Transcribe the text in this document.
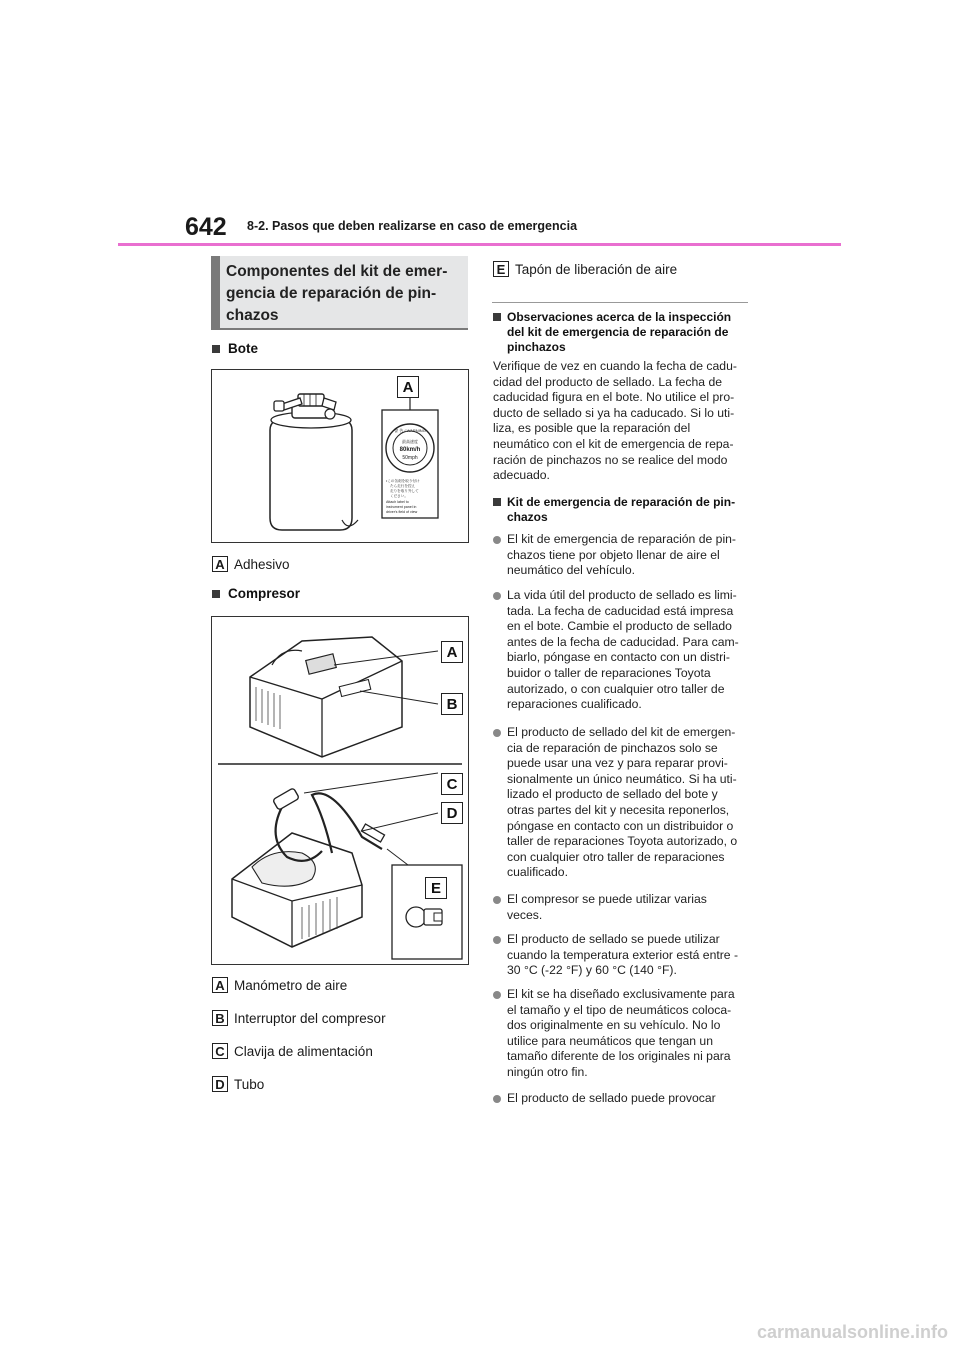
642 8-2. Pasos que deben realizarse en caso de emergencia
Componentes del kit de emer-
gencia de reparación de pin-
chazos
Bote
警 告 / WARNING
最高速度
80km/h
50mph
•この缶剤を取り付け
たら走行を控え
走りを取り外して
ください。
Attach label to
instrument panel in
driver's field of view
A
A Adhesivo
Compresor
A
B
C
D
E
A Manómetro de aire
B Interruptor del compresor
C Clavija de alimentación
D Tubo
E Tapón de liberación de aire
Observaciones acerca de la inspección
del kit de emergencia de reparación de
pinchazos
Verifique de vez en cuando la fecha de cadu-
cidad del producto de sellado. La fecha de
caducidad figura en el bote. No utilice el pro-
ducto de sellado si ya ha caducado. Si lo uti-
liza, es posible que la reparación del
neumático con el kit de emergencia de repa-
ración de pinchazos no se realice del modo
adecuado.
Kit de emergencia de reparación de pin-
chazos
El kit de emergencia de reparación de pin-
chazos tiene por objeto llenar de aire el
neumático del vehículo.
La vida útil del producto de sellado es limi-
tada. La fecha de caducidad está impresa
en el bote. Cambie el producto de sellado
antes de la fecha de caducidad. Para cam-
biarlo, póngase en contacto con un distri-
buidor o taller de reparaciones Toyota
autorizado, o con cualquier otro taller de
reparaciones cualificado.
El producto de sellado del kit de emergen-
cia de reparación de pinchazos solo se
puede usar una vez y para reparar provi-
sionalmente un único neumático. Si ha uti-
lizado el producto de sellado del bote y
otras partes del kit y necesita reponerlos,
póngase en contacto con un distribuidor o
taller de reparaciones Toyota autorizado, o
con cualquier otro taller de reparaciones
cualificado.
El compresor se puede utilizar varias
veces.
El producto de sellado se puede utilizar
cuando la temperatura exterior está entre -
30 °C (-22 °F) y 60 °C (140 °F).
El kit se ha diseñado exclusivamente para
el tamaño y el tipo de neumáticos coloca-
dos originalmente en su vehículo. No lo
utilice para neumáticos que tengan un
tamaño diferente de los originales ni para
ningún otro fin.
El producto de sellado puede provocar
carmanualsonline.info
